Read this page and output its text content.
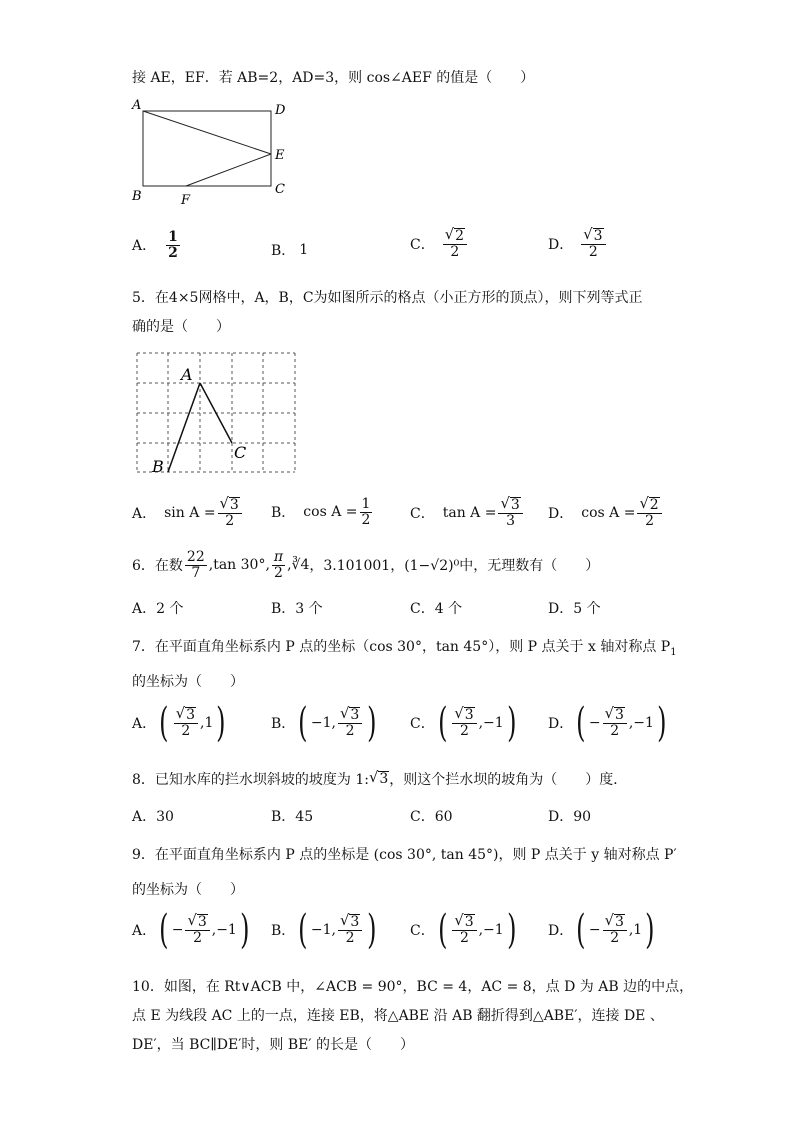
接 AE，EF．若 AB=2，AD=3，则 cos∠AEF 的值是（　　）
A	D
E
B	C
F
A． $\frac{1}{2}$	B． 1	C． $\frac{√ 2}{2}$	D． $\frac{√ 3}{2}$
5．在4×5网格中，A，B，C为如图所示的格点（小正方形的顶点），则下列等式正
确的是（　　）
A
B
C
A． $\sin A = \frac{√ 3}{2}$ B． $\cos A = \frac{1}{2}$	C． $\tan A = \frac{√ 3}{3}$ D． $\cos A = \frac{√ 2}{2}$
6．在数 $\frac{22}{7} ,\tan$ 30°, $\frac{\pi}{2}$ ,∛4 ，3.101001，(1−√2)⁰中，无理数有（　　）
A．2 个	B．3 个	C．4 个	D．5 个
7．在平面直角坐标系内 P 点的坐标（cos 30°，tan 45°），则 P 点关于 x 轴对称点 $P_1$
的坐标为（　　）
A． ( $\frac{√ 3}{2} ,1$ )	B． ( −1, $\frac{√ 3}{2}$ ) C． ( $\frac{√ 3}{2} ,-1$ ) D． ( − $\frac{√ 3}{2} ,-1$ )
8．已知水库的拦水坝斜坡的坡度为 1: √ 3 ，则这个拦水坝的坡角为（　　）度．
A．30	B．45	C．60	D．90
9．在平面直角坐标系内 P 点的坐标是 (cos 30°, tan 45°)，则 P 点关于 y 轴对称点 P′
的坐标为（　　）
A． ( − $\frac{√ 3}{2} ,-1$ ) B． ( −1, $\frac{√ 3}{2}$ ) C． ( $\frac{√ 3}{2} ,-1$ ) D． ( − $\frac{√ 3}{2} ,1$ )
10．如图，在 Rt∨ACB 中，∠ACB = 90°，BC = 4，AC = 8，点 D 为 AB 边的中点，
点 E 为线段 AC 上的一点，连接 EB，将△ABE 沿 AB 翻折得到△ABE′，连接 DE 、
DE′，当 BC∥DE′时，则 BE′ 的长是（　　）
